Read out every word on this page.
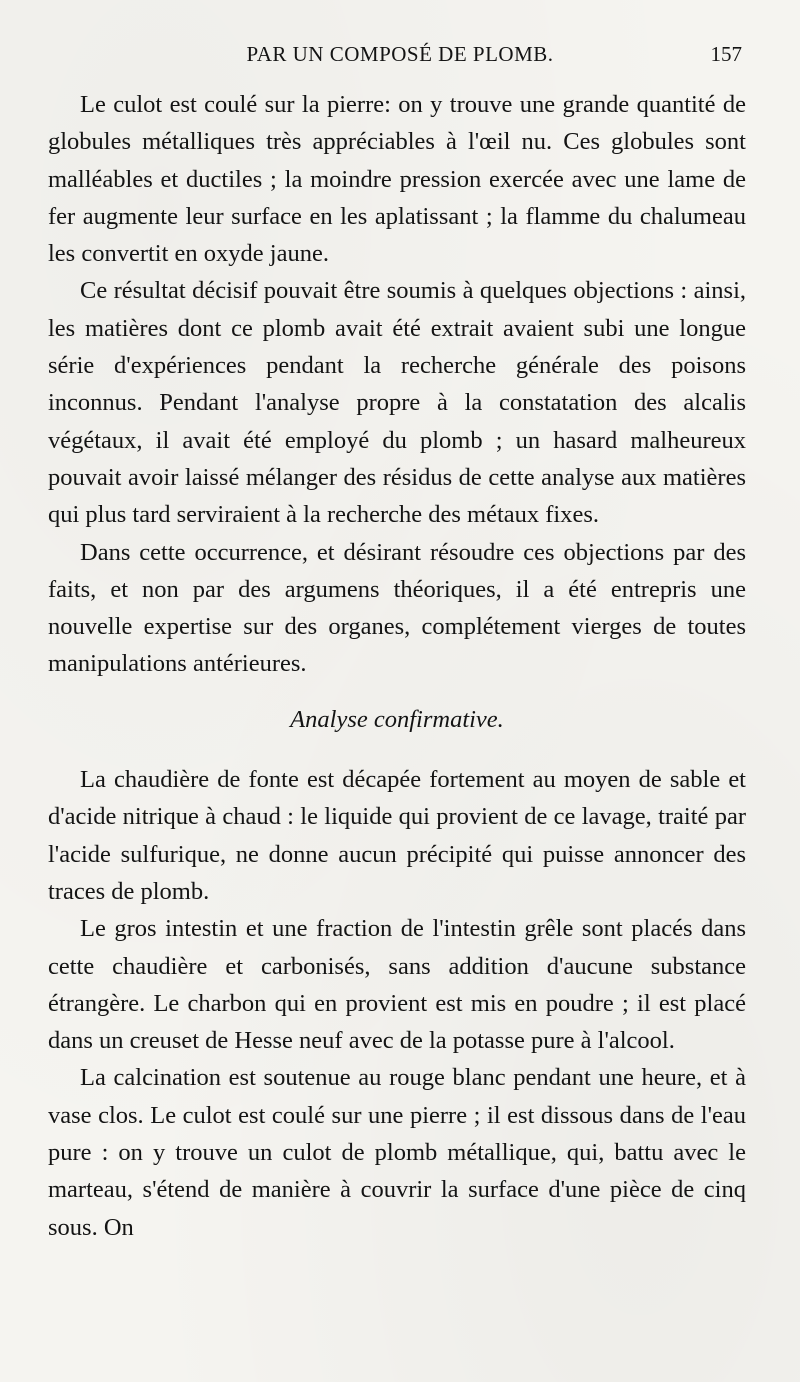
PAR UN COMPOSÉ DE PLOMB.	157

Le culot est coulé sur la pierre: on y trouve une grande quantité de globules métalliques très appréciables à l'œil nu. Ces globules sont malléables et ductiles ; la moindre pression exercée avec une lame de fer augmente leur surface en les aplatissant ; la flamme du chalumeau les convertit en oxyde jaune.

Ce résultat décisif pouvait être soumis à quelques objections : ainsi, les matières dont ce plomb avait été extrait avaient subi une longue série d'expériences pendant la recherche générale des poisons inconnus. Pendant l'analyse propre à la constatation des alcalis végétaux, il avait été employé du plomb ; un hasard malheureux pouvait avoir laissé mélanger des résidus de cette analyse aux matières qui plus tard serviraient à la recherche des métaux fixes.

Dans cette occurrence, et désirant résoudre ces objections par des faits, et non par des argumens théoriques, il a été entrepris une nouvelle expertise sur des organes, complétement vierges de toutes manipulations antérieures.

Analyse confirmative.

La chaudière de fonte est décapée fortement au moyen de sable et d'acide nitrique à chaud : le liquide qui provient de ce lavage, traité par l'acide sulfurique, ne donne aucun précipité qui puisse annoncer des traces de plomb.

Le gros intestin et une fraction de l'intestin grêle sont placés dans cette chaudière et carbonisés, sans addition d'aucune substance étrangère. Le charbon qui en provient est mis en poudre ; il est placé dans un creuset de Hesse neuf avec de la potasse pure à l'alcool.

La calcination est soutenue au rouge blanc pendant une heure, et à vase clos. Le culot est coulé sur une pierre ; il est dissous dans de l'eau pure : on y trouve un culot de plomb métallique, qui, battu avec le marteau, s'étend de manière à couvrir la surface d'une pièce de cinq sous. On
